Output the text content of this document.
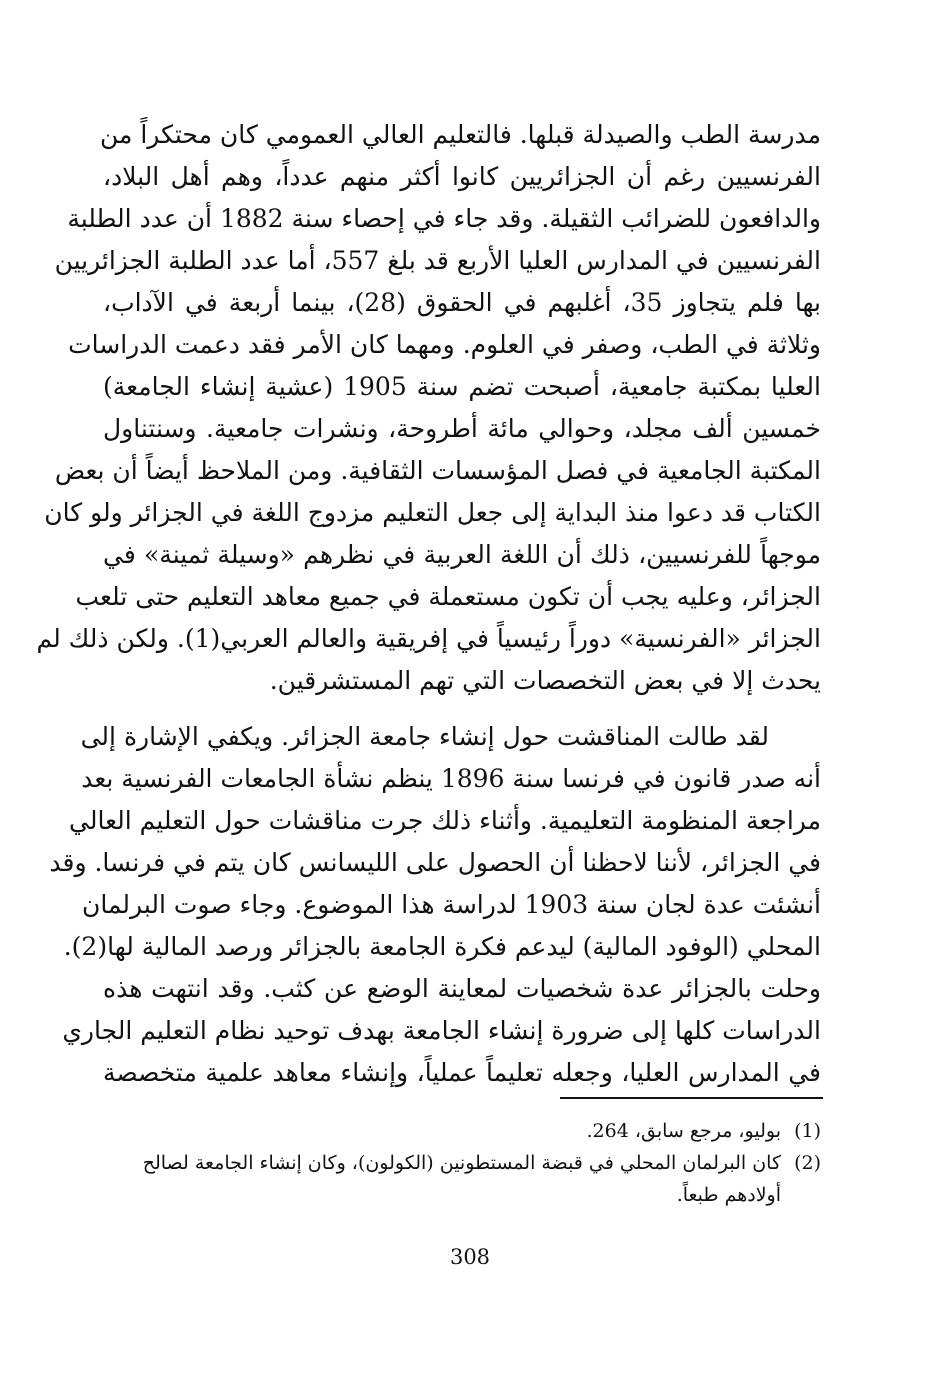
مدرسة الطب والصيدلة قبلها. فالتعليم العالي العمومي كان محتكراً من
الفرنسيين رغم أن الجزائريين كانوا أكثر منهم عدداً، وهم أهل البلاد،
والدافعون للضرائب الثقيلة. وقد جاء في إحصاء سنة 1882 أن عدد الطلبة
الفرنسيين في المدارس العليا الأربع قد بلغ 557، أما عدد الطلبة الجزائريين
بها فلم يتجاوز 35، أغلبهم في الحقوق (28)، بينما أربعة في الآداب،
وثلاثة في الطب، وصفر في العلوم. ومهما كان الأمر فقد دعمت الدراسات
العليا بمكتبة جامعية، أصبحت تضم سنة 1905 (عشية إنشاء الجامعة)
خمسين ألف مجلد، وحوالي مائة أطروحة، ونشرات جامعية. وسنتناول
المكتبة الجامعية في فصل المؤسسات الثقافية. ومن الملاحظ أيضاً أن بعض
الكتاب قد دعوا منذ البداية إلى جعل التعليم مزدوج اللغة في الجزائر ولو كان
موجهاً للفرنسيين، ذلك أن اللغة العربية في نظرهم «وسيلة ثمينة» في
الجزائر، وعليه يجب أن تكون مستعملة في جميع معاهد التعليم حتى تلعب
الجزائر «الفرنسية» دوراً رئيسياً في إفريقية والعالم العربي(1). ولكن ذلك لم
يحدث إلا في بعض التخصصات التي تهم المستشرقين.
لقد طالت المناقشت حول إنشاء جامعة الجزائر. ويكفي الإشارة إلى
أنه صدر قانون في فرنسا سنة 1896 ينظم نشأة الجامعات الفرنسية بعد
مراجعة المنظومة التعليمية. وأثناء ذلك جرت مناقشات حول التعليم العالي
في الجزائر، لأننا لاحظنا أن الحصول على الليسانس كان يتم في فرنسا. وقد
أنشئت عدة لجان سنة 1903 لدراسة هذا الموضوع. وجاء صوت البرلمان
المحلي (الوفود المالية) ليدعم فكرة الجامعة بالجزائر ورصد المالية لها(2).
وحلت بالجزائر عدة شخصيات لمعاينة الوضع عن كثب. وقد انتهت هذه
الدراسات كلها إلى ضرورة إنشاء الجامعة بهدف توحيد نظام التعليم الجاري
في المدارس العليا، وجعله تعليماً عملياً، وإنشاء معاهد علمية متخصصة
(1)بوليو، مرجع سابق، 264.
(2)كان البرلمان المحلي في قبضة المستطونين (الكولون)، وكان إنشاء الجامعة لصالح
أولادهم طبعاً.
308
